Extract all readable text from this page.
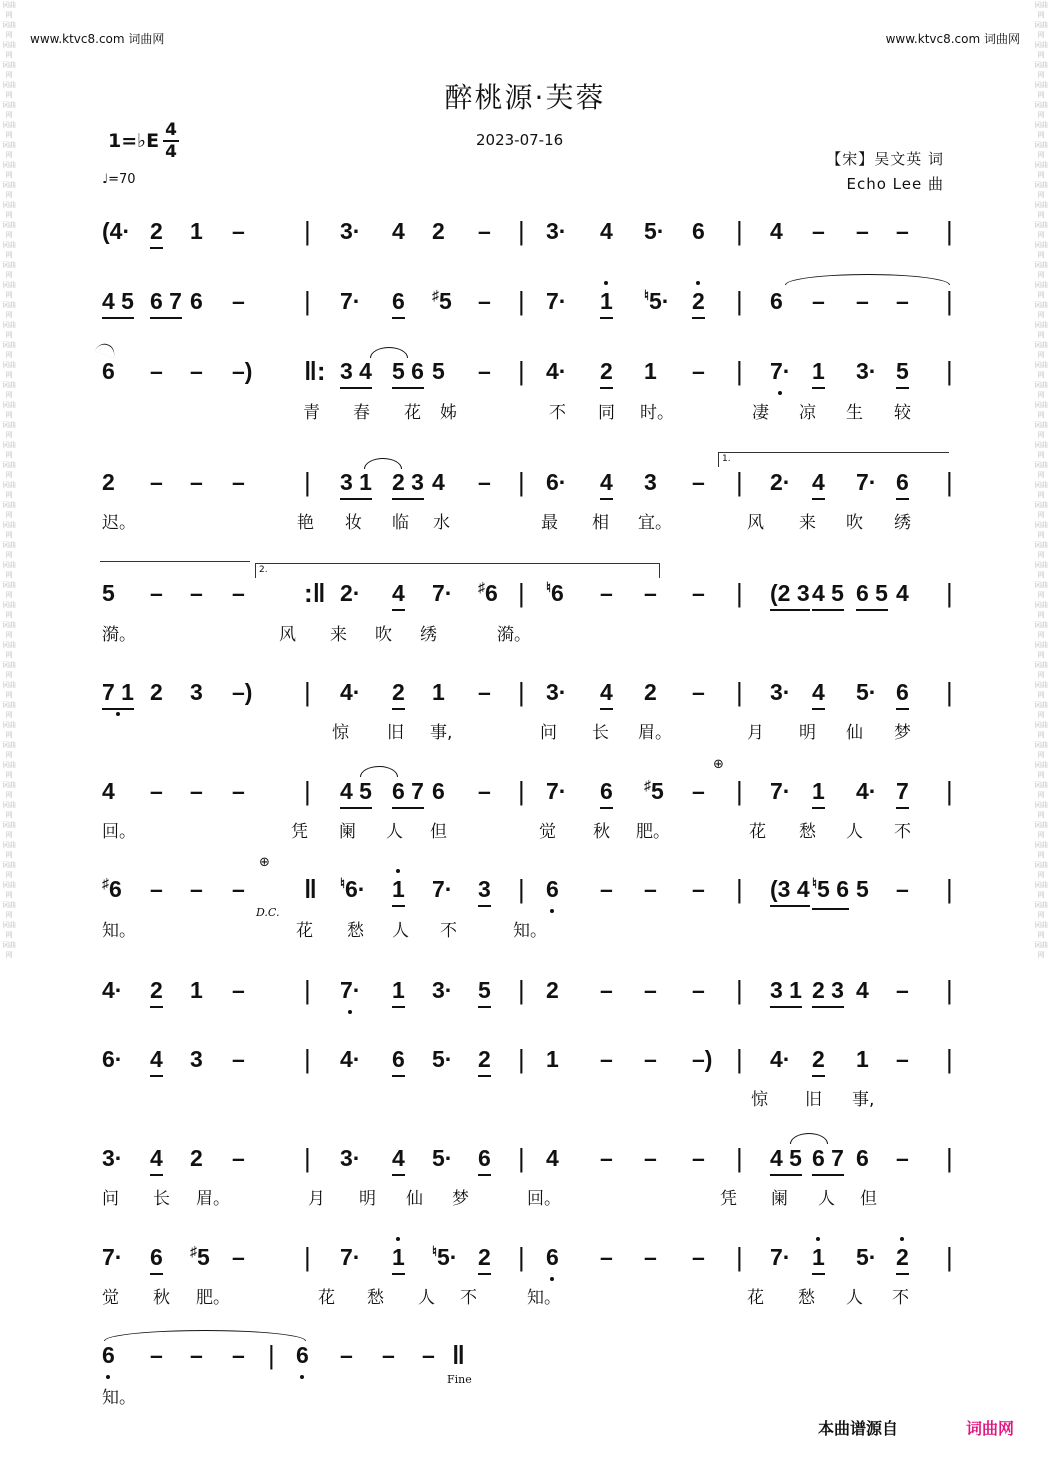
词曲网
词曲网
词曲网
词曲网
词曲网
词曲网
词曲网
词曲网
词曲网
词曲网
词曲网
词曲网
词曲网
词曲网
词曲网
词曲网
词曲网
词曲网
词曲网
词曲网
词曲网
词曲网
词曲网
词曲网
词曲网
词曲网
词曲网
词曲网
词曲网
词曲网
词曲网
词曲网
词曲网
词曲网
词曲网
词曲网
词曲网
词曲网
词曲网
词曲网
词曲网
词曲网
词曲网
词曲网
词曲网
词曲网
词曲网
词曲网

词曲网
词曲网
词曲网
词曲网
词曲网
词曲网
词曲网
词曲网
词曲网
词曲网
词曲网
词曲网
词曲网
词曲网
词曲网
词曲网
词曲网
词曲网
词曲网
词曲网
词曲网
词曲网
词曲网
词曲网
词曲网
词曲网
词曲网
词曲网
词曲网
词曲网
词曲网
词曲网
词曲网
词曲网
词曲网
词曲网
词曲网
词曲网
词曲网
词曲网
词曲网
词曲网
词曲网
词曲网
词曲网
词曲网
词曲网
词曲网

www.ktvc8.com 词曲网	www.ktvc8.com 词曲网
醉桃源·芙蓉
2023-07-16
1=♭E 4
4
♩=70
【宋】吴文英 词
Echo Lee 曲
(4· 2 1 – | 3· 4 2 – | 3· 4 5· 6 | 4 – – – |
4 5 6 7 6 – | 7· 6 ♯5 – | 7· 1 ♮5· 2 | 6 – – – |
6 – – –) ‖: 3 4 5 6 5 – | 4· 2 1 – | 7· 1 3· 5 |
2 – – – | 3 1 2 3 4 – | 6· 4 3 – | 2· 4 7· 6 |
5 – – – :‖ 2· 4 7· ♯6 | ♮6 – – – | (2 3 4 5 6 5 4 |
7 1 2 3 –) | 4· 2 1 – | 3· 4 2 – | 3· 4 5· 6 |
4 – – – | 4 5 6 7 6 – | 7· 6 ♯5 – | 7· 1 4· 7 |
♯6 – – – ‖ ♮6· 1 7· 3 | 6 – – – | (3 4 ♮5 6 5 – |
4· 2 1 – | 7· 1 3· 5 | 2 – – – | 3 1 2 3 4 – |
6· 4 3 – | 4· 6 5· 2 | 1 – – –) | 4· 2 1 – |
3· 4 2 – | 3· 4 5· 6 | 4 – – – | 4 5 6 7 6 – |
7· 6 ♯5 – | 7· 1 ♮5· 2 | 6 – – – | 7· 1 5· 2 |
6 – – – | 6 – – – ‖
青 春 花 姊	不 同 时。	凄 凉 生 较
迟。	艳 妆 临 水	最 相 宜。	风 来 吹 绣
漪。	风 来 吹 绣	漪。
惊 旧 事,	问 长 眉。	月 明 仙 梦
回。	凭 阑 人 但	觉 秋 肥。	花 愁 人 不
知。	花 愁 人 不	知。
惊 旧 事,
问 长 眉。	月 明 仙 梦	回。	凭 阑 人 但
觉 秋 肥。	花 愁 人 不	知。	花 愁 人 不
知。
1.
2.
⊕
⊕
D.C.
Fine
本曲谱源自	词曲网
